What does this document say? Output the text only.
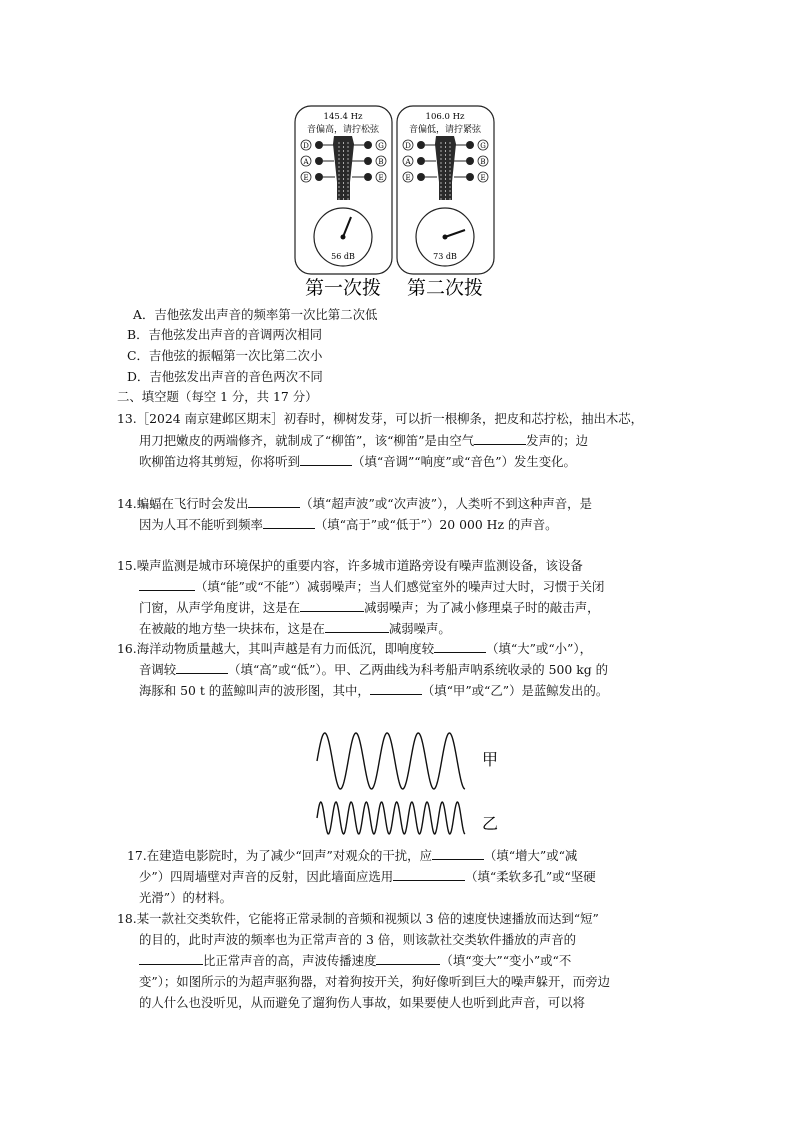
145.4 Hz
音偏高，请拧松弦
D
A
E
G
B
E
56 dB
106.0 Hz
音偏低，请拧紧弦
D
A
E
G
B
E
73 dB
第一次拨 第二次拨
A．吉他弦发出声音的频率第一次比第二次低
B．吉他弦发出声音的音调两次相同
C．吉他弦的振幅第一次比第二次小
D．吉他弦发出声音的音色两次不同
二、填空题（每空 1 分，共 17 分）
13.［2024 南京建邺区期末］初春时，柳树发芽，可以折一根柳条，把皮和芯拧松，抽出木芯，
用刀把嫩皮的两端修齐，就制成了“柳笛”，该“柳笛”是由空气	发声的；边
吹柳笛边将其剪短，你将听到	（填“音调”“响度”或“音色”）发生变化。
14.蝙蝠在飞行时会发出	（填“超声波”或“次声波”），人类听不到这种声音，是
因为人耳不能听到频率	（填“高于”或“低于”）20 000 Hz 的声音。
15.噪声监测是城市环境保护的重要内容，许多城市道路旁设有噪声监测设备，该设备
（填“能”或“不能”）减弱噪声；当人们感觉室外的噪声过大时，习惯于关闭
门窗，从声学角度讲，这是在	减弱噪声；为了减小修理桌子时的敲击声，
在被敲的地方垫一块抹布，这是在	减弱噪声。
16.海洋动物质量越大，其叫声越是有力而低沉，即响度较	（填“大”或“小”），
音调较	（填“高”或“低”）。甲、乙两曲线为科考船声呐系统收录的 500 kg 的
海豚和 50 t 的蓝鲸叫声的波形图，其中，	（填“甲”或“乙”）是蓝鲸发出的。
甲
乙
17.在建造电影院时，为了减少“回声”对观众的干扰，应	（填“增大”或“减
少”）四周墙壁对声音的反射，因此墙面应选用	（填“柔软多孔”或“坚硬
光滑”）的材料。
18.某一款社交类软件，它能将正常录制的音频和视频以 3 倍的速度快速播放而达到“短”
的目的，此时声波的频率也为正常声音的 3 倍，则该款社交类软件播放的声音的
比正常声音的高，声波传播速度	（填“变大”“变小”或“不
变”）；如图所示的为超声驱狗器，对着狗按开关，狗好像听到巨大的噪声躲开，而旁边
的人什么也没听见，从而避免了遛狗伤人事故，如果要使人也听到此声音，可以将
